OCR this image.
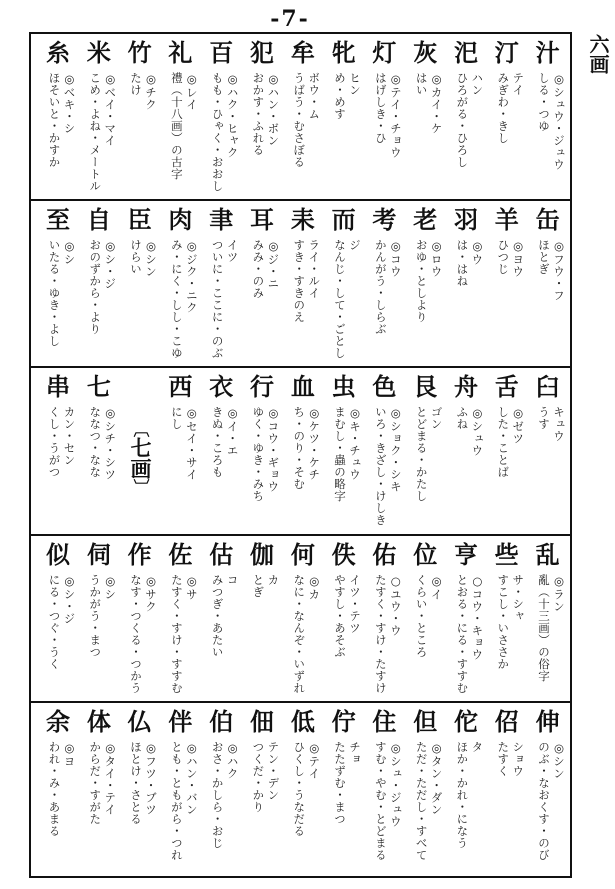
-7-
六画
汁
◎シュウ・ジュウ
しる・つゆ
汀
テイ
みぎわ・きし
汜
ハン
ひろがる・ひろし
灰
◎カイ・ケ
はい
灯
◎テイ・チョウ
はげしき・ひ
牝
ヒン
め・めす
牟
ボウ・ム
うばう・むさぼる
犯
◎ハン・ボン
おかす・ふれる
百
◎ハク・ヒャク
もも・ひゃく・おおし
礼
◎レイ
禮（十八画）の古字
竹
◎チク
たけ
米
◎ベイ・マイ
こめ・よね・メートル
糸
◎ベキ・シ
ほそいと・かすか
缶
◎フウ・フ
ほとぎ
羊
◎ヨウ
ひつじ
羽
◎ウ
は・はね
老
◎ロウ
おゆ・としより
考
◎コウ
かんがう・しらぶ
而
ジ
なんじ・して・ごとし
耒
ライ・ルイ
すき・すきのえ
耳
◎ジ・ニ
みみ・のみ
聿
イツ
ついに・ここに・のぶ
肉
◎ジク・ニク
み・にく・しし・こゆ
臣
◎シン
けらい
自
◎シ・ジ
おのずから・より
至
◎シ
いたる・ゆき・よし
臼
キュウ
うす
舌
◎ゼツ
した・ことば
舟
◎シュウ
ふね
艮
ゴン
とどまる・かたし
色
◎ショク・シキ
いろ・きざし・けしき
虫
◎キ・チュウ
まむし・蟲の略字
血
◎ケツ・ケチ
ち・のり・そむ
行
◎コウ・ギョウ
ゆく・ゆき・みち
衣
◎イ・エ
きぬ・ころも
西
◎セイ・サイ
にし
〔七画〕
七
◎シチ・シツ
ななつ・なな
串
カン・セン
くし・うがつ
乱
◎ラン
亂（十三画）の俗字
些
サ・シャ
すこし・いささか
亨
○コウ・キョウ
とおる・にる・すすむ
位
◎イ
くらい・ところ
佑
○ユウ・ウ
たすく・すけ・たすけ
佚
イツ・テツ
やすし・あそぶ
何
◎カ
なに・なんぞ・いずれ
伽
カ
とぎ
估
コ
みつぎ・あたい
佐
◎サ
たすく・すけ・すすむ
作
◎サク
なす・つくる・つかう
伺
◎シ
うかがう・まつ
似
◎シ・ジ
にる・つぐ・うく
伸
◎シン
のぶ・なおくす・のび
佋
ショウ
たすく
佗
タ
ほか・かれ・になう
但
◎タン・ダン
ただ・ただし・すべて
住
◎シュ・ジュウ
すむ・やむ・とどまる
佇
チョ
たたずむ・まつ
低
◎テイ
ひくし・うなだる
佃
テン・デン
つくだ・かり
伯
◎ハク
おさ・かしら・おじ
伴
◎ハン・バン
とも・ともがら・つれ
仏
◎フツ・ブツ
ほとけ・さとる
体
◎タイ・テイ
からだ・すがた
余
◎ヨ
われ・み・あまる
